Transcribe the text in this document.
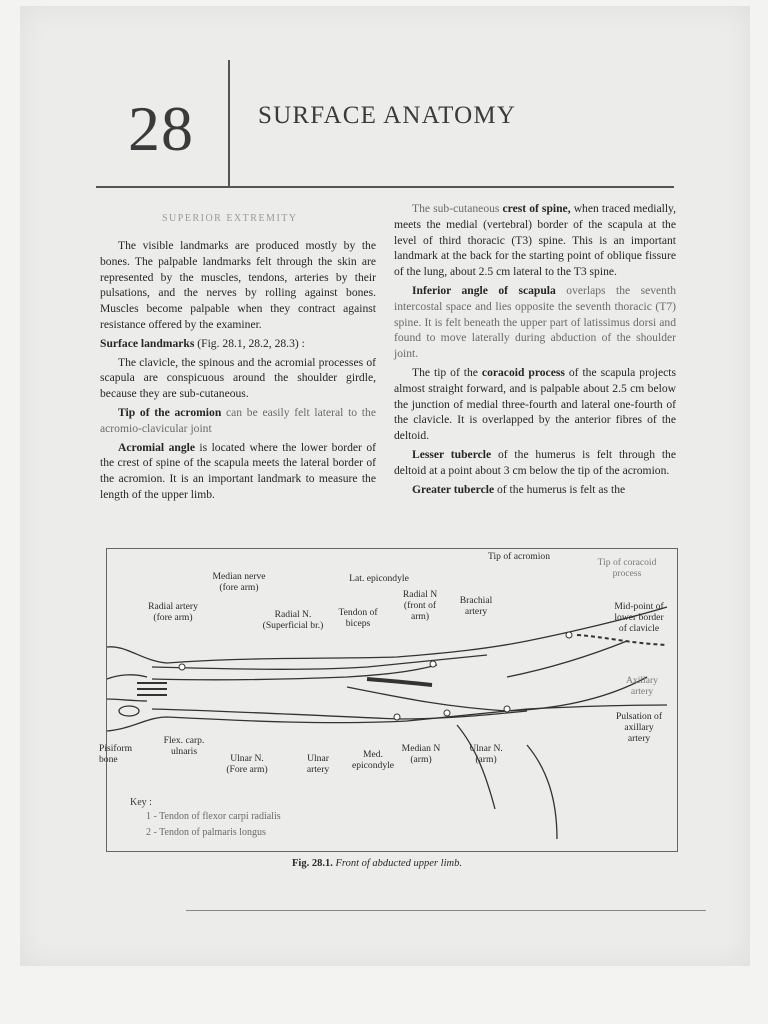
28	SURFACE ANATOMY
SUPERIOR EXTREMITY

The visible landmarks are produced mostly by the bones. The palpable landmarks felt through the skin are represented by the muscles, tendons, arteries by their pulsations, and the nerves by rolling against bones. Muscles become palpable when they contract against resistance offered by the examiner.

Surface landmarks (Fig. 28.1, 28.2, 28.3) :

The clavicle, the spinous and the acromial processes of scapula are conspicuous around the shoulder girdle, because they are sub-cutaneous.

Tip of the acromion can be easily felt lateral to the acromio-clavicular joint

Acromial angle is located where the lower border of the crest of spine of the scapula meets the lateral border of the acromion. It is an important landmark to measure the length of the upper limb.

The sub-cutaneous crest of spine, when traced medially, meets the medial (vertebral) border of the scapula at the level of third thoracic (T3) spine. This is an important landmark at the back for the starting point of oblique fissure of the lung, about 2.5 cm lateral to the T3 spine.

Inferior angle of scapula overlaps the seventh intercostal space and lies opposite the seventh thoracic (T7) spine. It is felt beneath the upper part of latissimus dorsi and found to move laterally during abduction of the shoulder joint.

The tip of the coracoid process of the scapula projects almost straight forward, and is palpable about 2.5 cm below the junction of medial three-fourth and lateral one-fourth of the clavicle. It is overlapped by the anterior fibres of the deltoid.

Lesser tubercle of the humerus is felt through the deltoid at a point about 3 cm below the tip of the acromion.

Greater tubercle of the humerus is felt as the

Median nerve
(fore arm)
Lat. epicondyle
Tip of acromion
Tip of coracoid
process
Radial artery
(fore arm)	Radial N.
(Superficial br.)
Tendon of
biceps
Radial N
(front of
arm)
Brachial
artery	Mid-point of
lower border
of clavicle
Axillary
artery
Pulsation of
axillary
artery
Pisiform
bone
Flex. carp.
ulnaris
Ulnar N.
(Fore arm)
Ulnar
artery
Med.
epicondyle
Median N
(arm)
Ulnar N.
(arm)
Key :
1 - Tendon of flexor carpi radialis
2 - Tendon of palmaris longus
Fig. 28.1. Front of abducted upper limb.
